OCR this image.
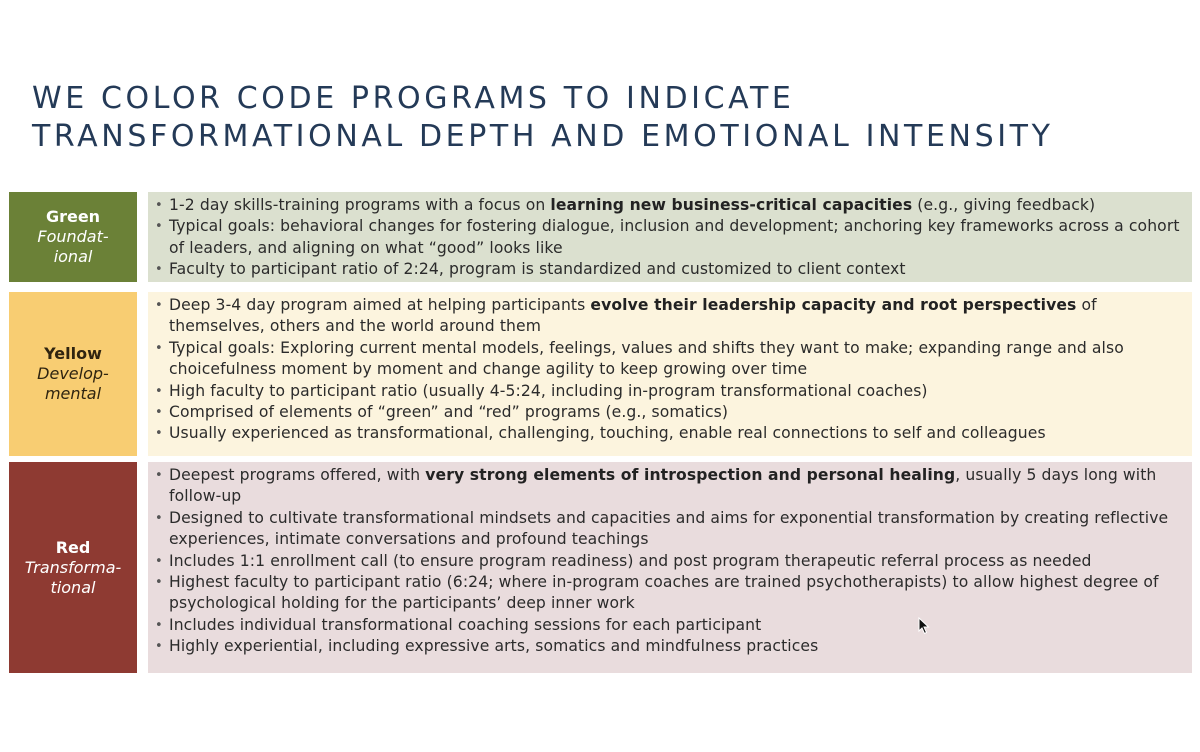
WE COLOR CODE PROGRAMS TO INDICATE
TRANSFORMATIONAL DEPTH AND EMOTIONAL INTENSITY
Green
Foundat-
ional
• 1-2 day skills-training programs with a focus on learning new business-critical capacities (e.g., giving feedback)
• Typical goals: behavioral changes for fostering dialogue, inclusion and development; anchoring key frameworks across a cohort of leaders, and aligning on what “good” looks like
• Faculty to participant ratio of 2:24, program is standardized and customized to client context
Yellow
Develop-
mental
• Deep 3-4 day program aimed at helping participants evolve their leadership capacity and root perspectives of themselves, others and the world around them
• Typical goals: Exploring current mental models, feelings, values and shifts they want to make; expanding range and also choicefulness moment by moment and change agility to keep growing over time
• High faculty to participant ratio (usually 4-5:24, including in-program transformational coaches)
• Comprised of elements of “green” and “red” programs (e.g., somatics)
• Usually experienced as transformational, challenging, touching, enable real connections to self and colleagues
Red
Transforma-
tional
• Deepest programs offered, with very strong elements of introspection and personal healing, usually 5 days long with follow-up
• Designed to cultivate transformational mindsets and capacities and aims for exponential transformation by creating reflective experiences, intimate conversations and profound teachings
• Includes 1:1 enrollment call (to ensure program readiness) and post program therapeutic referral process as needed
• Highest faculty to participant ratio (6:24; where in-program coaches are trained psychotherapists) to allow highest degree of psychological holding for the participants’ deep inner work
• Includes individual transformational coaching sessions for each participant
• Highly experiential, including expressive arts, somatics and mindfulness practices
